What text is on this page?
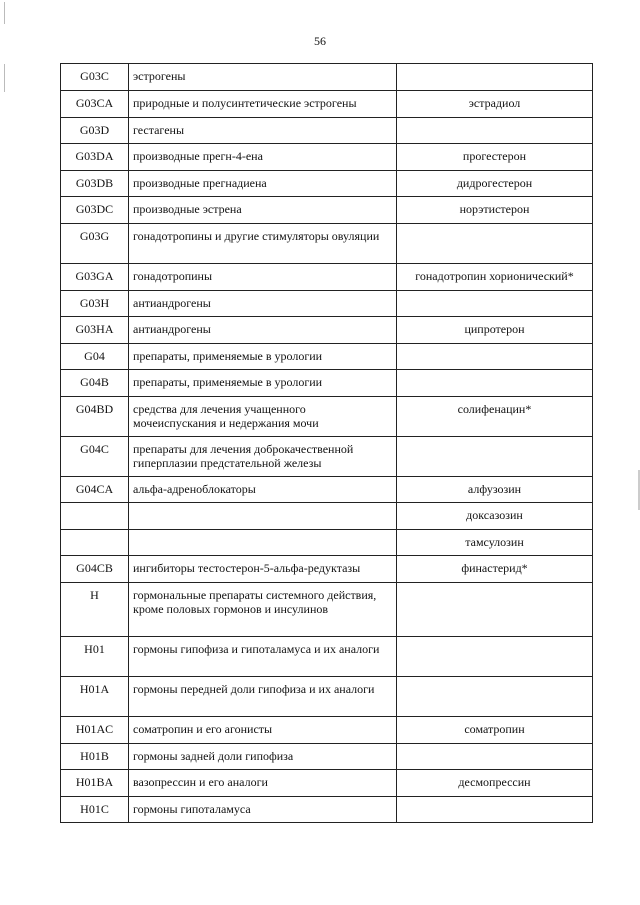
56
G03C	эстрогены	
G03CA	природные и полусинтетические эстрогены	эстрадиол
G03D	гестагены	
G03DA	производные прегн-4-ена	прогестерон
G03DB	производные прегнадиена	дидрогестерон
G03DC	производные эстрена	норэтистерон
G03G	гонадотропины и другие стимуляторы овуляции	
G03GA	гонадотропины	гонадотропин хорионический*
G03H	антиандрогены	
G03HA	антиандрогены	ципротерон
G04	препараты, применяемые в урологии	
G04B	препараты, применяемые в урологии	
G04BD	средства для лечения учащенного мочеиспускания и недержания мочи	солифенацин*
G04C	препараты для лечения доброкачественной гиперплазии предстательной железы	
G04CA	альфа-адреноблокаторы	алфузозин
		доксазозин
		тамсулозин
G04CB	ингибиторы тестостерон-5-альфа-редуктазы	финастерид*
H	гормональные препараты системного действия, кроме половых гормонов и инсулинов	
H01	гормоны гипофиза и гипоталамуса и их аналоги	
H01A	гормоны передней доли гипофиза и их аналоги	
H01AC	соматропин и его агонисты	соматропин
H01B	гормоны задней доли гипофиза	
H01BA	вазопрессин и его аналоги	десмопрессин
H01C	гормоны гипоталамуса	
